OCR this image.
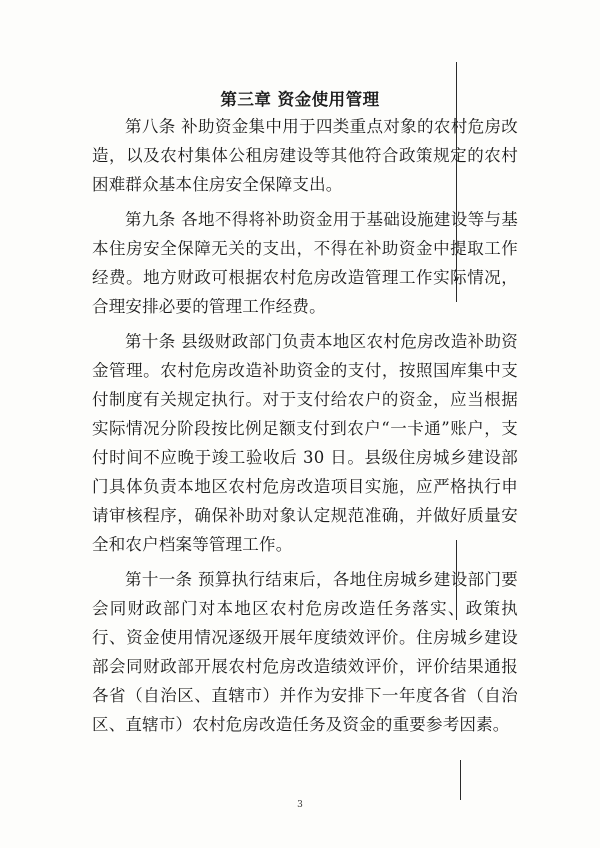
第三章 资金使用管理

第八条 补助资金集中用于四类重点对象的农村危房改造，以及农村集体公租房建设等其他符合政策规定的农村困难群众基本住房安全保障支出。

第九条 各地不得将补助资金用于基础设施建设等与基本住房安全保障无关的支出，不得在补助资金中提取工作经费。地方财政可根据农村危房改造管理工作实际情况，合理安排必要的管理工作经费。

第十条 县级财政部门负责本地区农村危房改造补助资金管理。农村危房改造补助资金的支付，按照国库集中支付制度有关规定执行。对于支付给农户的资金，应当根据实际情况分阶段按比例足额支付到农户“一卡通”账户，支付时间不应晚于竣工验收后 30 日。县级住房城乡建设部门具体负责本地区农村危房改造项目实施，应严格执行申请审核程序，确保补助对象认定规范准确，并做好质量安全和农户档案等管理工作。

第十一条 预算执行结束后，各地住房城乡建设部门要会同财政部门对本地区农村危房改造任务落实、政策执行、资金使用情况逐级开展年度绩效评价。住房城乡建设部会同财政部开展农村危房改造绩效评价，评价结果通报各省（自治区、直辖市）并作为安排下一年度各省（自治区、直辖市）农村危房改造任务及资金的重要参考因素。

3
